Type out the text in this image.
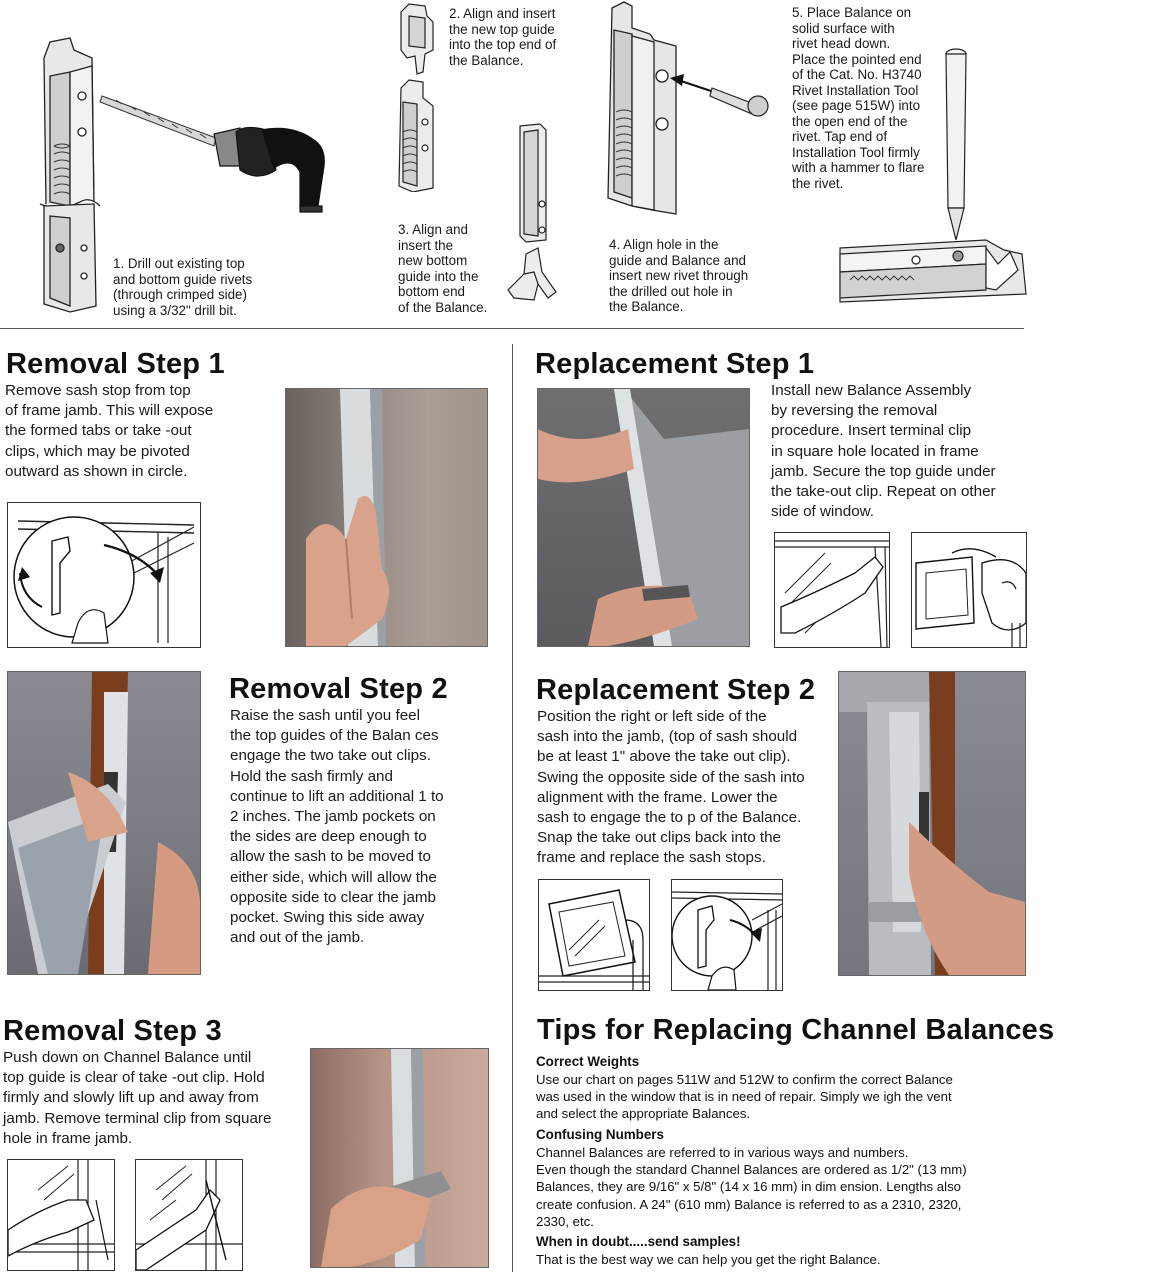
1. Drill out existing top
and bottom guide rivets
(through crimped side)
using a 3/32" drill bit.
2. Align and insert
the new top guide
into the top end of
the Balance.
3. Align and
insert the
new bottom
guide into the
bottom end
of the Balance.
4. Align hole in the
guide and Balance and
insert new rivet through
the drilled out hole in
the Balance.
5. Place Balance on
solid surface with
rivet head down.
Place the pointed end
of the Cat. No. H3740
Rivet Installation Tool
(see page 515W) into
the open end of the
rivet. Tap end of
Installation Tool firmly
with a hammer to flare
the rivet.
Removal Step 1
Remove sash stop from top
of frame jamb. This will expose
the formed tabs or take -out
clips, which may be pivoted
outward as shown in circle.
Removal Step 2
Raise the sash until you feel
the top guides of the Balan ces
engage the two take out clips.
Hold the sash firmly and
continue to lift an additional 1 to
2 inches. The jamb pockets on
the sides are deep enough to
allow the sash to be moved to
either side, which will allow the
opposite side to clear the jamb
pocket. Swing this side away
and out of the jamb.
Removal Step 3
Push down on Channel Balance until
top guide is clear of take -out clip. Hold
firmly and slowly lift up and away from
jamb. Remove terminal clip from square
hole in frame jamb.
Replacement Step 1
Install new Balance Assembly
by reversing the removal
procedure. Insert terminal clip
in square hole located in frame
jamb. Secure the top guide under
the take-out clip. Repeat on other
side of window.
Replacement Step 2
Position the right or left side of the
sash into the jamb, (top of sash should
be at least 1" above the take out clip).
Swing the opposite side of the sash into
alignment with the frame. Lower the
sash to engage the to p of the Balance.
Snap the take out clips back into the
frame and replace the sash stops.
Tips for Replacing Channel Balances
Correct Weights
Use our chart on pages 511W and 512W to confirm the correct Balance
was used in the window that is in need of repair. Simply we igh the vent
and select the appropriate Balances.
Confusing Numbers
Channel Balances are referred to in various ways and numbers.
Even though the standard Channel Balances are ordered as 1/2" (13 mm)
Balances, they are 9/16" x 5/8" (14 x 16 mm) in dim ension. Lengths also
create confusion. A 24" (610 mm) Balance is referred to as a 2310, 2320,
2330, etc.
When in doubt.....send samples!
That is the best way we can help you get the right Balance.
